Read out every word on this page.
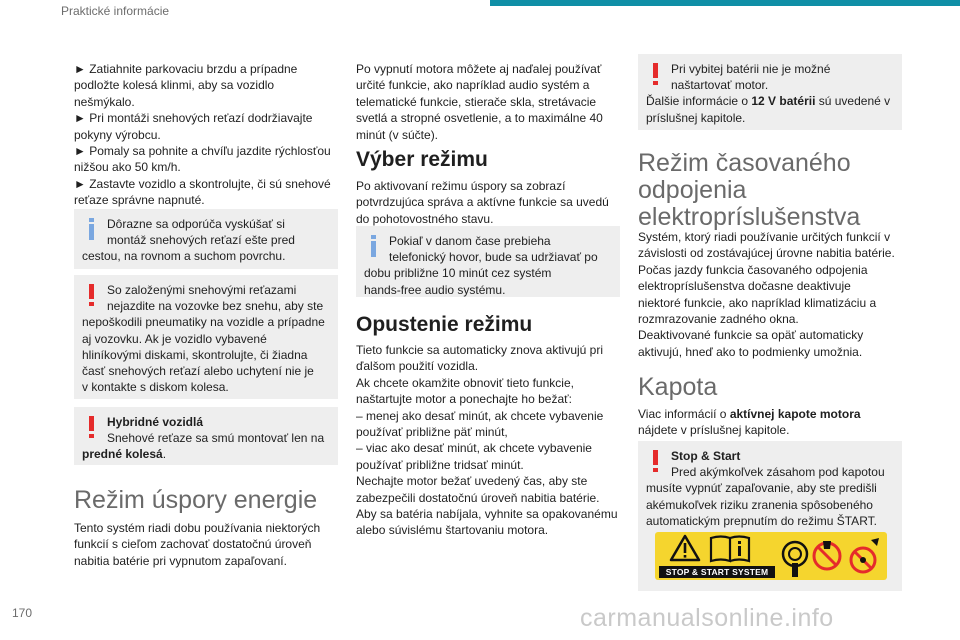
Praktické informácie
170	carmanualsonline.info

► Zatiahnite parkovaciu brzdu a prípadne

podložte kolesá klinmi, aby sa vozidlo

nešmýkalo.

► Pri montáži snehových reťazí dodržiavajte

pokyny výrobcu.

► Pomaly sa pohnite a chvíľu jazdite rýchlosťou

nižšou ako 50 km/h.

► Zastavte vozidlo a skontrolujte, či sú snehové

reťaze správne napnuté.

Dôrazne sa odporúča vyskúšať si

montáž snehových reťazí ešte pred

cestou, na rovnom a suchom povrchu.

So založenými snehovými reťazami

nejazdite na vozovke bez snehu, aby ste

nepoškodili pneumatiky na vozidle a prípadne

aj vozovku. Ak je vozidlo vybavené

hliníkovými diskami, skontrolujte, či žiadna

časť snehových reťazí alebo uchytení nie je

v kontakte s diskom kolesa.

Hybridné vozidlá

Snehové reťaze sa smú montovať len na

predné kolesá.

Režim úspory energie

Tento systém riadi dobu používania niektorých

funkcií s cieľom zachovať dostatočnú úroveň

nabitia batérie pri vypnutom zapaľovaní.

Po vypnutí motora môžete aj naďalej používať

určité funkcie, ako napríklad audio systém a

telematické funkcie, stierače skla, stretávacie

svetlá a stropné osvetlenie, a to maximálne 40

minút (v súčte).

Výber režimu

Po aktivovaní režimu úspory sa zobrazí

potvrdzujúca správa a aktívne funkcie sa uvedú

do pohotovostného stavu.

Pokiaľ v danom čase prebieha

telefonický hovor, bude sa udržiavať po

dobu približne 10 minút cez systém

hands-free audio systému.

Opustenie režimu

Tieto funkcie sa automaticky znova aktivujú pri

ďalšom použití vozidla.

Ak chcete okamžite obnoviť tieto funkcie,

naštartujte motor a ponechajte ho bežať:

– menej ako desať minút, ak chcete vybavenie

používať približne päť minút,

– viac ako desať minút, ak chcete vybavenie

používať približne tridsať minút.

Nechajte motor bežať uvedený čas, aby ste

zabezpečili dostatočnú úroveň nabitia batérie.

Aby sa batéria nabíjala, vyhnite sa opakovanému

alebo súvislému štartovaniu motora.

Pri vybitej batérii nie je možné

naštartovať motor.

Ďalšie informácie o 12 V batérii sú uvedené v

príslušnej kapitole.

Režim časovaného
odpojenia
elektropríslušenstva

Systém, ktorý riadi používanie určitých funkcií v

závislosti od zostávajúcej úrovne nabitia batérie.

Počas jazdy funkcia časovaného odpojenia

elektropríslušenstva dočasne deaktivuje

niektoré funkcie, ako napríklad klimatizáciu a

rozmrazovanie zadného okna.

Deaktivované funkcie sa opäť automaticky

aktivujú, hneď ako to podmienky umožnia.

Kapota

Viac informácií o aktívnej kapote motora

nájdete v príslušnej kapitole.

Stop & Start

Pred akýmkoľvek zásahom pod kapotou

musíte vypnúť zapaľovanie, aby ste predišli

akémukoľvek riziku zranenia spôsobeného

automatickým prepnutím do režimu ŠTART.

STOP & START SYSTEM
